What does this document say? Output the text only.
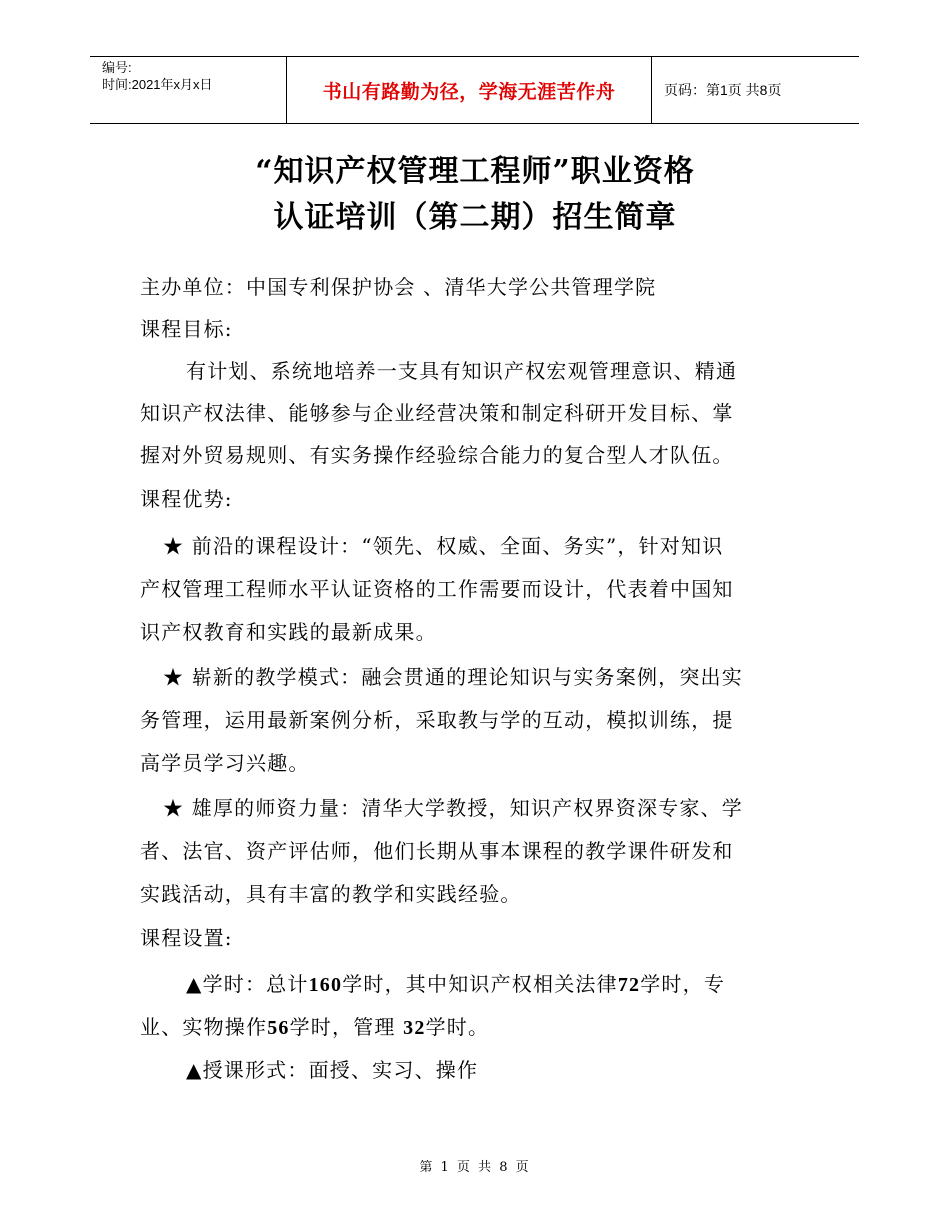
编号:
时间:2021年x月x日	书山有路勤为径，学海无涯苦作舟	页码：第1页 共8页
“知识产权管理工程师”职业资格
认证培训（第二期）招生简章
主办单位：中国专利保护协会 、清华大学公共管理学院
课程目标:
有计划、系统地培养一支具有知识产权宏观管理意识、精通
知识产权法律、能够参与企业经营决策和制定科研开发目标、掌
握对外贸易规则、有实务操作经验综合能力的复合型人才队伍。
课程优势:
★ 前沿的课程设计：“领先、权威、全面、务实”，针对知识
产权管理工程师水平认证资格的工作需要而设计，代表着中国知
识产权教育和实践的最新成果。
★ 崭新的教学模式：融会贯通的理论知识与实务案例，突出实
务管理，运用最新案例分析，采取教与学的互动，模拟训练，提
高学员学习兴趣。
★ 雄厚的师资力量：清华大学教授，知识产权界资深专家、学
者、法官、资产评估师，他们长期从事本课程的教学课件研发和
实践活动，具有丰富的教学和实践经验。
课程设置:
▲学时：总计160学时，其中知识产权相关法律72学时，专
业、实物操作56学时，管理 32学时。
▲授课形式：面授、实习、操作
第 1 页 共 8 页
